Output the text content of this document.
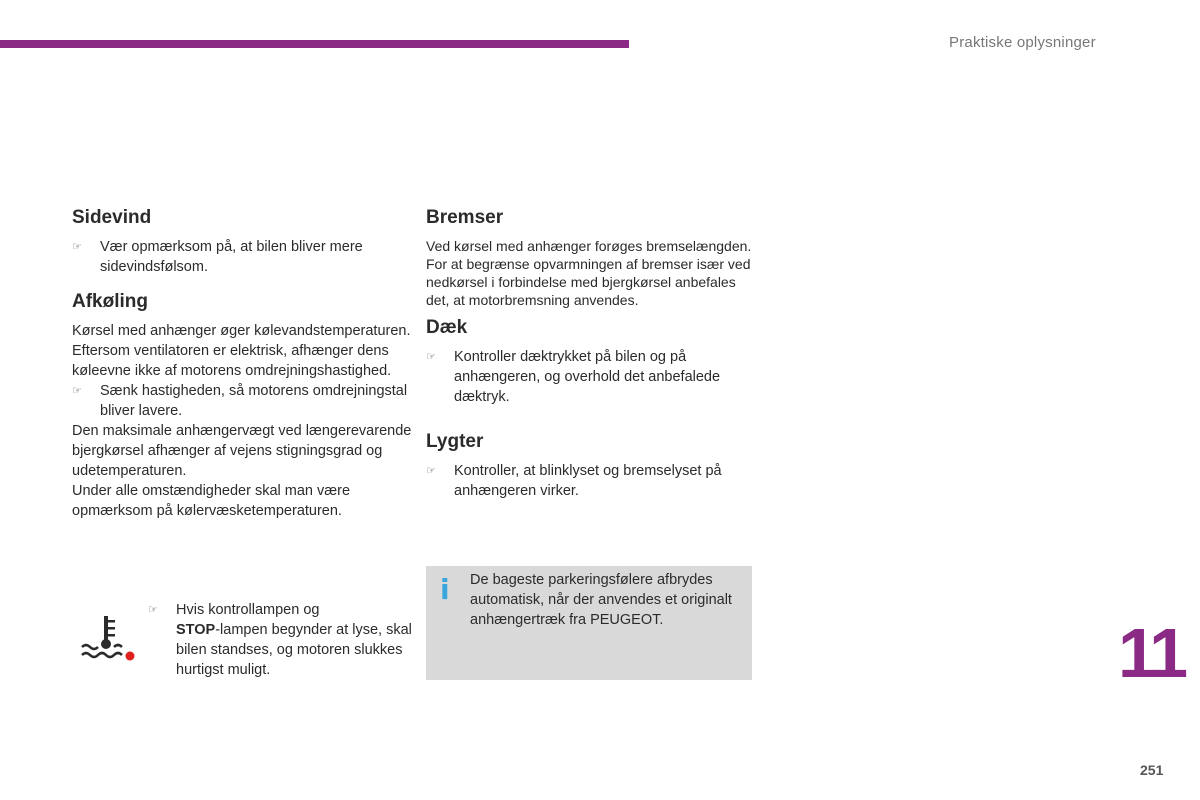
Praktiske oplysninger
Sidevind
☞ Vær opmærksom på, at bilen bliver mere sidevindsfølsom.
Afkøling

Kørsel med anhænger øger kølevandstemperaturen.

Eftersom ventilatoren er elektrisk, afhænger dens køleevne ikke af motorens omdrejningshastighed.

☞ Sænk hastigheden, så motorens omdrejningstal bliver lavere.

Den maksimale anhængervægt ved længerevarende bjergkørsel afhænger af vejens stigningsgrad og udetemperaturen.

Under alle omstændigheder skal man være opmærksom på kølervæsketemperaturen.

☞ Hvis kontrollampen og
STOP-lampen begynder at lyse, skal bilen standses, og motoren slukkes hurtigst muligt.
Bremser

Ved kørsel med anhænger forøges bremselængden.

For at begrænse opvarmningen af bremser især ved nedkørsel i forbindelse med bjergkørsel anbefales det, at motorbremsning anvendes.

Dæk
☞ Kontroller dæktrykket på bilen og på anhængeren, og overhold det anbefalede dæktryk.
Lygter
☞ Kontroller, at blinklyset og bremselyset på anhængeren virker.
i De bageste parkeringsfølere afbrydes automatisk, når der anvendes et originalt anhængertræk fra PEUGEOT.	11
251
